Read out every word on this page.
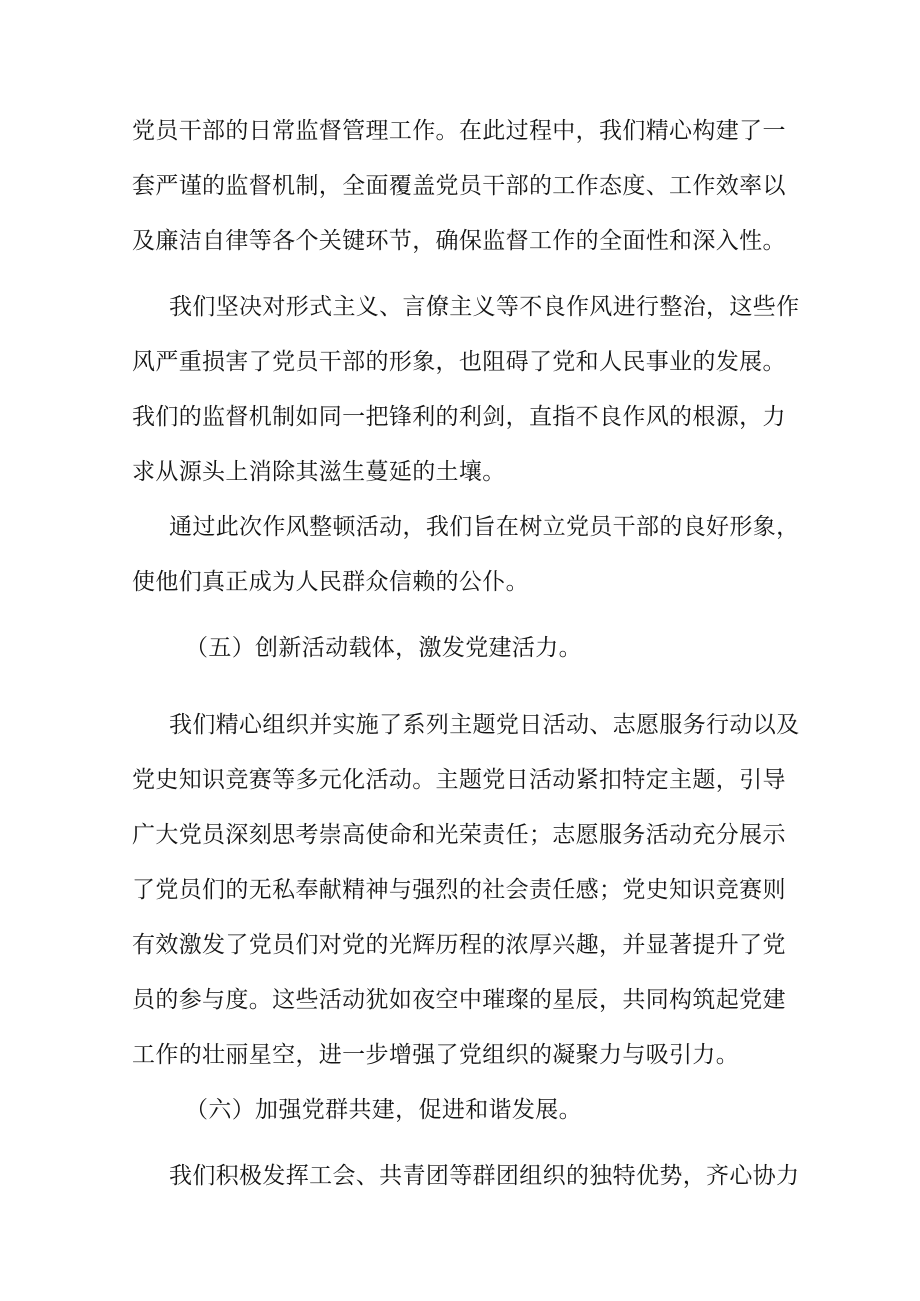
党员干部的日常监督管理工作。在此过程中，我们精心构建了一
套严谨的监督机制，全面覆盖党员干部的工作态度、工作效率以
及廉洁自律等各个关键环节，确保监督工作的全面性和深入性。
我们坚决对形式主义、言僚主义等不良作风进行整治，这些作
风严重损害了党员干部的形象，也阻碍了党和人民事业的发展。
我们的监督机制如同一把锋利的利剑，直指不良作风的根源，力
求从源头上消除其滋生蔓延的土壤。
通过此次作风整顿活动，我们旨在树立党员干部的良好形象，
使他们真正成为人民群众信赖的公仆。
（五）创新活动载体，激发党建活力。
我们精心组织并实施了系列主题党日活动、志愿服务行动以及
党史知识竞赛等多元化活动。主题党日活动紧扣特定主题，引导
广大党员深刻思考崇高使命和光荣责任；志愿服务活动充分展示
了党员们的无私奉献精神与强烈的社会责任感；党史知识竞赛则
有效激发了党员们对党的光辉历程的浓厚兴趣，并显著提升了党
员的参与度。这些活动犹如夜空中璀璨的星辰，共同构筑起党建
工作的壮丽星空，进一步增强了党组织的凝聚力与吸引力。
（六）加强党群共建，促进和谐发展。
我们积极发挥工会、共青团等群团组织的独特优势，齐心协力
